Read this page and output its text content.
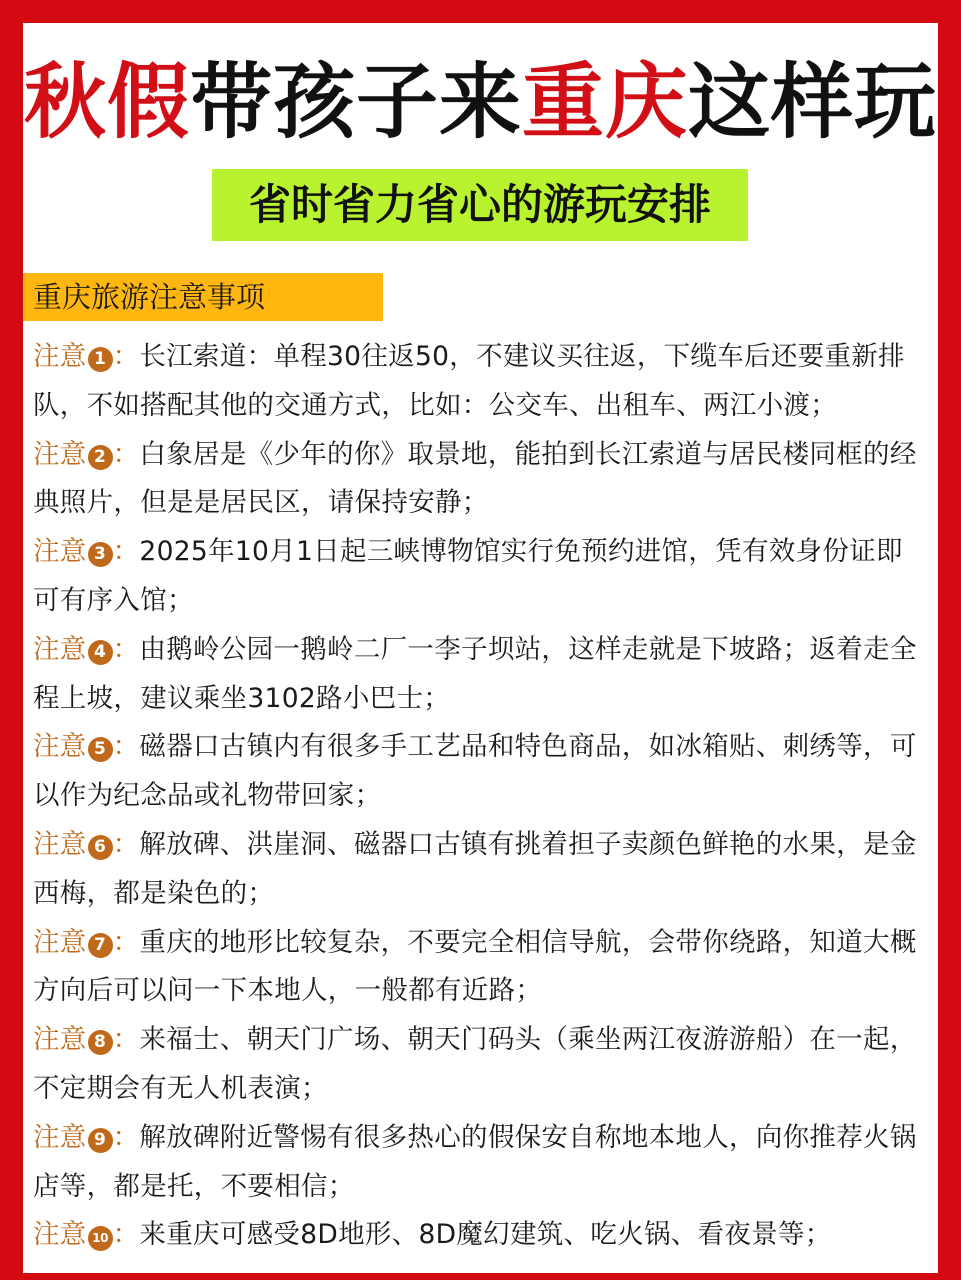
秋假带孩子来重庆这样玩
省时省力省心的游玩安排
重庆旅游注意事项
注意 1 ：长江索道：单程30往返50，不建议买往返，下缆车后还要重新排队，不如搭配其他的交通方式，比如：公交车、出租车、两江小渡；
注意 2 ：白象居是《少年的你》取景地，能拍到长江索道与居民楼同框的经典照片，但是是居民区，请保持安静；
注意 3 ：2025年10月1日起三峡博物馆实行免预约进馆，凭有效身份证即可有序入馆；
注意 4 ：由鹅岭公园一鹅岭二厂一李子坝站，这样走就是下坡路；返着走全程上坡，建议乘坐3102路小巴士；
注意 5 ：磁器口古镇内有很多手工艺品和特色商品，如冰箱贴、刺绣等，可以作为纪念品或礼物带回家；
注意 6 ：解放碑、洪崖洞、磁器口古镇有挑着担子卖颜色鲜艳的水果，是金西梅，都是染色的；
注意 7 ：重庆的地形比较复杂，不要完全相信导航，会带你绕路，知道大概方向后可以问一下本地人，一般都有近路；
注意 8 ：来福士、朝天门广场、朝天门码头（乘坐两江夜游游船）在一起，不定期会有无人机表演；
注意 9 ：解放碑附近警惕有很多热心的假保安自称地本地人，向你推荐火锅店等，都是托，不要相信；
注意 10 ：来重庆可感受8D地形、8D魔幻建筑、吃火锅、看夜景等；
